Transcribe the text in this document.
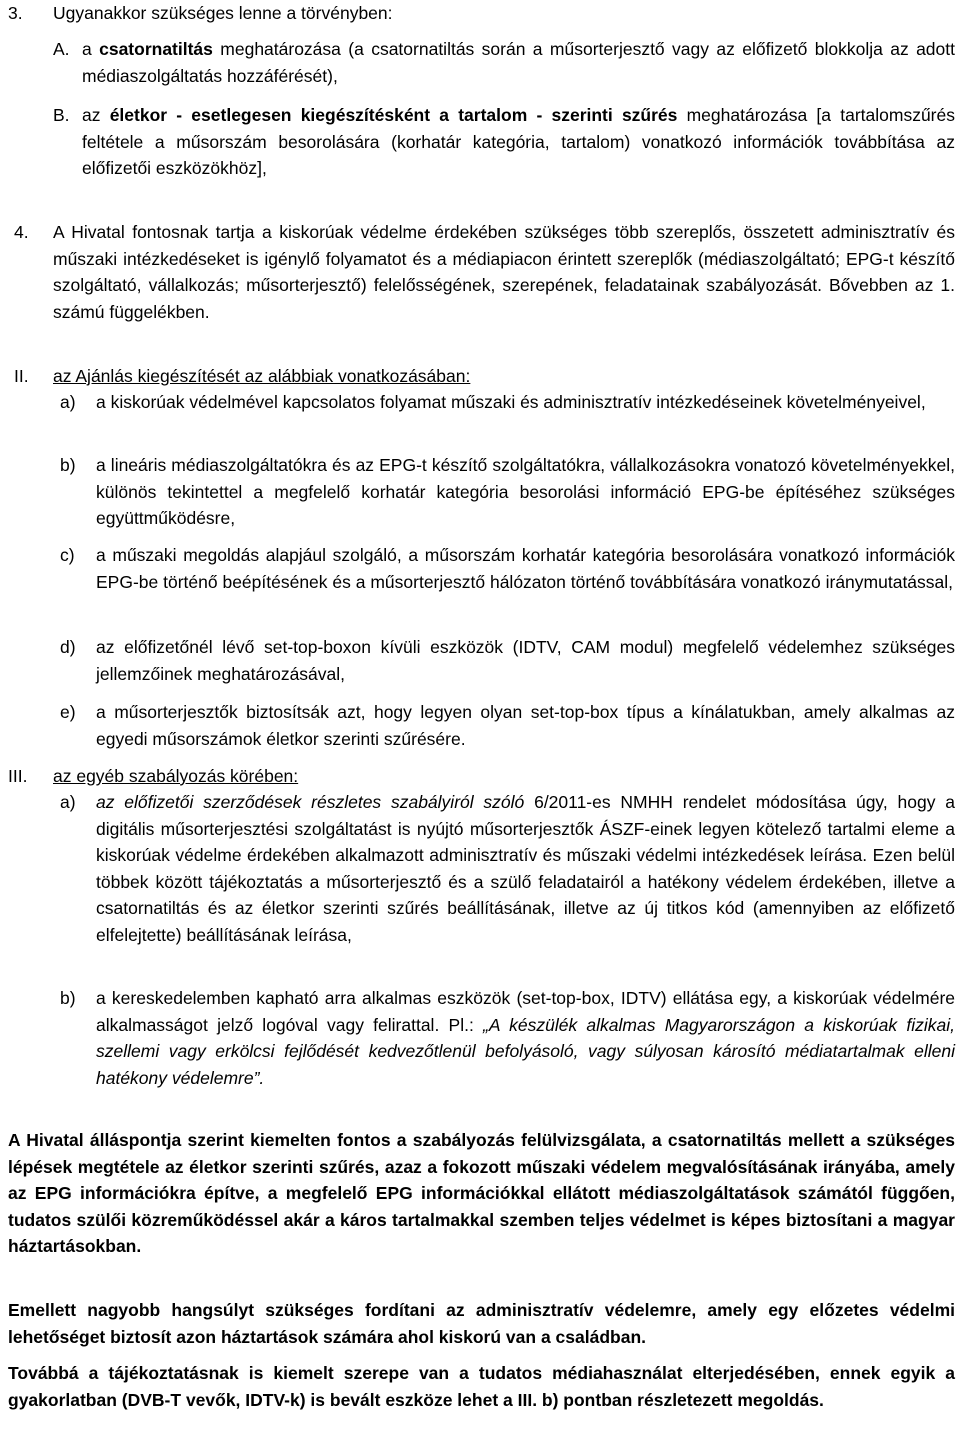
3. Ugyanakkor szükséges lenne a törvényben:
A. a csatornatiltás meghatározása (a csatornatiltás során a műsorterjesztő vagy az előfizető blokkolja az adott médiaszolgáltatás hozzáférését),
B. az életkor - esetlegesen kiegészítésként a tartalom - szerinti szűrés meghatározása [a tartalomszűrés feltétele a műsorszám besorolására (korhatár kategória, tartalom) vonatkozó információk továbbítása az előfizetői eszközökhöz],
4. A Hivatal fontosnak tartja a kiskorúak védelme érdekében szükséges több szereplős, összetett adminisztratív és műszaki intézkedéseket is igénylő folyamatot és a médiapiacon érintett szereplők (médiaszolgáltató; EPG-t készítő szolgáltató, vállalkozás; műsorterjesztő) felelősségének, szerepének, feladatainak szabályozását. Bővebben az 1. számú függelékben.
II. az Ajánlás kiegészítését az alábbiak vonatkozásában:
a) a kiskorúak védelmével kapcsolatos folyamat műszaki és adminisztratív intézkedéseinek követelményeivel,
b) a lineáris médiaszolgáltatókra és az EPG-t készítő szolgáltatókra, vállalkozásokra vonatozó követelményekkel, különös tekintettel a megfelelő korhatár kategória besorolási információ EPG-be építéséhez szükséges együttműködésre,
c) a műszaki megoldás alapjául szolgáló, a műsorszám korhatár kategória besorolására vonatkozó információk EPG-be történő beépítésének és a műsorterjesztő hálózaton történő továbbítására vonatkozó iránymutatással,
d) az előfizetőnél lévő set-top-boxon kívüli eszközök (IDTV, CAM modul) megfelelő védelemhez szükséges jellemzőinek meghatározásával,
e) a műsorterjesztők biztosítsák azt, hogy legyen olyan set-top-box típus a kínálatukban, amely alkalmas az egyedi műsorszámok életkor szerinti szűrésére.
III. az egyéb szabályozás körében:
a) az előfizetői szerződések részletes szabályiról szóló 6/2011-es NMHH rendelet módosítása úgy, hogy a digitális műsorterjesztési szolgáltatást is nyújtó műsorterjesztők ÁSZF-einek legyen kötelező tartalmi eleme a kiskorúak védelme érdekében alkalmazott adminisztratív és műszaki védelmi intézkedések leírása. Ezen belül többek között tájékoztatás a műsorterjesztő és a szülő feladatairól a hatékony védelem érdekében, illetve a csatornatiltás és az életkor szerinti szűrés beállításának, illetve az új titkos kód (amennyiben az előfizető elfelejtette) beállításának leírása,
b) a kereskedelemben kapható arra alkalmas eszközök (set-top-box, IDTV) ellátása egy, a kiskorúak védelmére alkalmasságot jelző logóval vagy felirattal. Pl.: „A készülék alkalmas Magyarországon a kiskorúak fizikai, szellemi vagy erkölcsi fejlődését kedvezőtlenül befolyásoló, vagy súlyosan károsító médiatartalmak elleni hatékony védelemre”.
A Hivatal álláspontja szerint kiemelten fontos a szabályozás felülvizsgálata, a csatornatiltás mellett a szükséges lépések megtétele az életkor szerinti szűrés, azaz a fokozott műszaki védelem megvalósításának irányába, amely az EPG információkra építve, a megfelelő EPG információkkal ellátott médiaszolgáltatások számától függően, tudatos szülői közreműködéssel akár a káros tartalmakkal szemben teljes védelmet is képes biztosítani a magyar háztartásokban.
Emellett nagyobb hangsúlyt szükséges fordítani az adminisztratív védelemre, amely egy előzetes védelmi lehetőséget biztosít azon háztartások számára ahol kiskorú van a családban.
Továbbá a tájékoztatásnak is kiemelt szerepe van a tudatos médiahasználat elterjedésében, ennek egyik a gyakorlatban (DVB-T vevők, IDTV-k) is bevált eszköze lehet a III. b) pontban részletezett megoldás.
